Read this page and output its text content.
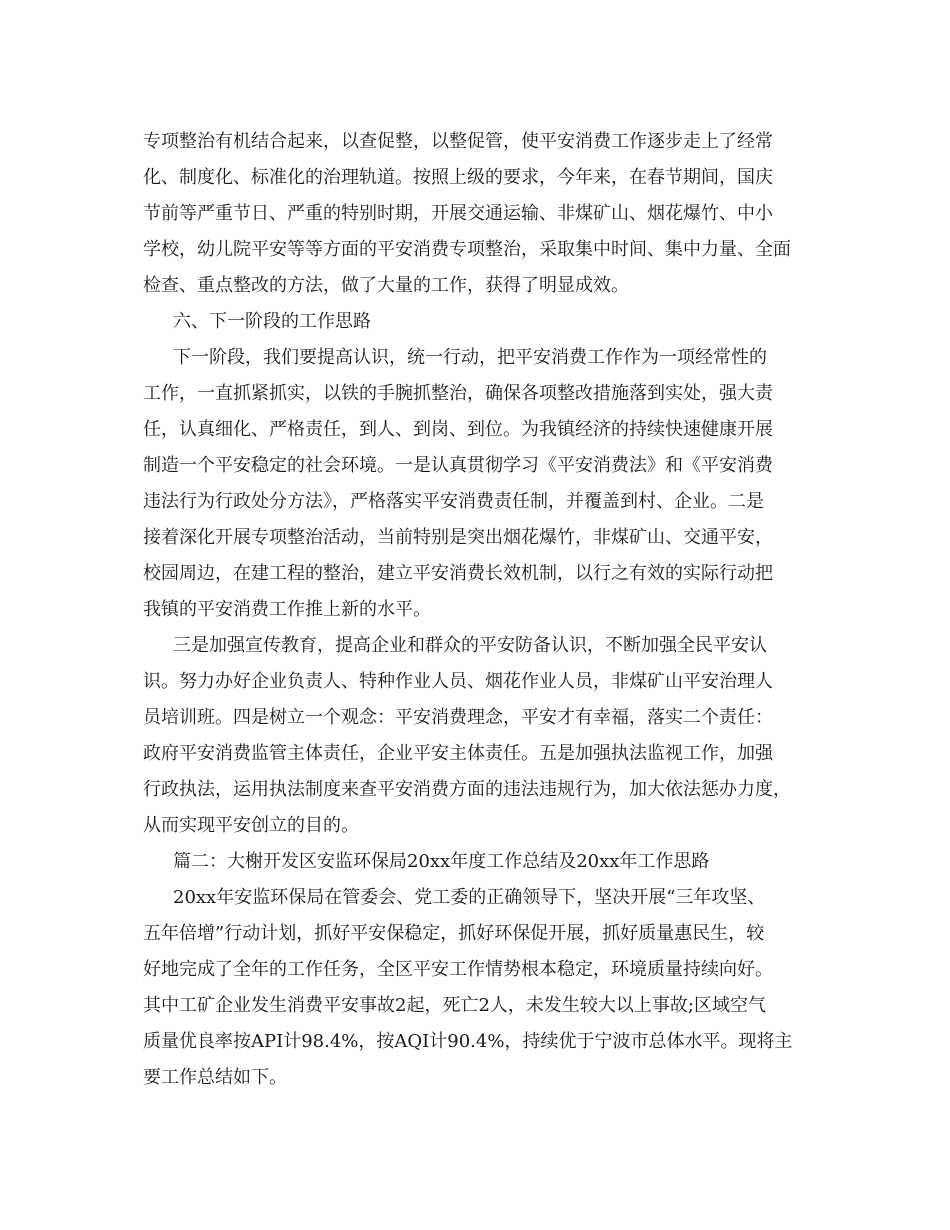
专项整治有机结合起来，以查促整，以整促管，使平安消费工作逐步走上了经常
化、制度化、标准化的治理轨道。按照上级的要求，今年来，在春节期间，国庆
节前等严重节日、严重的特别时期，开展交通运输、非煤矿山、烟花爆竹、中小
学校，幼儿院平安等等方面的平安消费专项整治，采取集中时间、集中力量、全面
检查、重点整改的方法，做了大量的工作，获得了明显成效。
六、下一阶段的工作思路
下一阶段，我们要提高认识，统一行动，把平安消费工作作为一项经常性的
工作，一直抓紧抓实，以铁的手腕抓整治，确保各项整改措施落到实处，强大责
任，认真细化、严格责任，到人、到岗、到位。为我镇经济的持续快速健康开展
制造一个平安稳定的社会环境。一是认真贯彻学习《平安消费法》和《平安消费
违法行为行政处分方法》，严格落实平安消费责任制，并覆盖到村、企业。二是
接着深化开展专项整治活动，当前特别是突出烟花爆竹，非煤矿山、交通平安，
校园周边，在建工程的整治，建立平安消费长效机制，以行之有效的实际行动把
我镇的平安消费工作推上新的水平。
三是加强宣传教育，提高企业和群众的平安防备认识，不断加强全民平安认
识。努力办好企业负责人、特种作业人员、烟花作业人员，非煤矿山平安治理人
员培训班。四是树立一个观念：平安消费理念，平安才有幸福，落实二个责任：
政府平安消费监管主体责任，企业平安主体责任。五是加强执法监视工作，加强
行政执法，运用执法制度来查平安消费方面的违法违规行为，加大依法惩办力度，
从而实现平安创立的目的。
篇二：大榭开发区安监环保局20xx年度工作总结及20xx年工作思路
20xx年安监环保局在管委会、党工委的正确领导下，坚决开展“三年攻坚、
五年倍增”行动计划，抓好平安保稳定，抓好环保促开展，抓好质量惠民生，较
好地完成了全年的工作任务，全区平安工作情势根本稳定，环境质量持续向好。
其中工矿企业发生消费平安事故2起，死亡2人，未发生较大以上事故;区域空气
质量优良率按API计98.4%，按AQI计90.4%，持续优于宁波市总体水平。现将主
要工作总结如下。
